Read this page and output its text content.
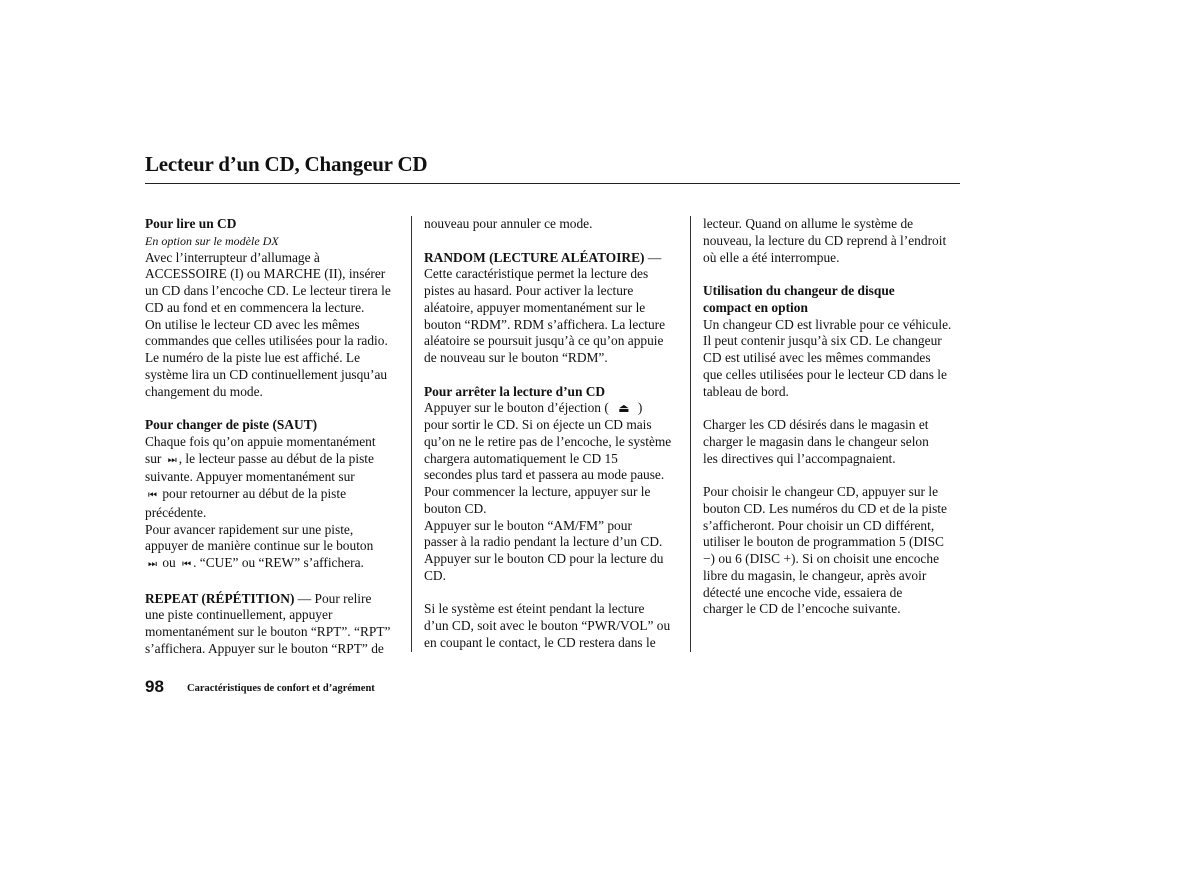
Lecteur d’un CD, Changeur CD

Pour lire un CD

En option sur le modèle DX

Avec l’interrupteur d’allumage à

ACCESSOIRE (I) ou MARCHE (II), insérer

un CD dans l’encoche CD. Le lecteur tirera le

CD au fond et en commencera la lecture.

On utilise le lecteur CD avec les mêmes

commandes que celles utilisées pour la radio.

Le numéro de la piste lue est affiché. Le

système lira un CD continuellement jusqu’au

changement du mode.

Pour changer de piste (SAUT)

Chaque fois qu’on appuie momentanément

sur ⏭ , le lecteur passe au début de la piste

suivante. Appuyer momentanément sur

⏮ pour retourner au début de la piste

précédente.

Pour avancer rapidement sur une piste,

appuyer de manière continue sur le bouton

⏭ ou ⏮ . “CUE” ou “REW” s’affichera.

REPEAT (RÉPÉTITION) — Pour relire

une piste continuellement, appuyer

momentanément sur le bouton “RPT”. “RPT”

s’affichera. Appuyer sur le bouton “RPT” de

nouveau pour annuler ce mode.

RANDOM (LECTURE ALÉATOIRE) —

Cette caractéristique permet la lecture des

pistes au hasard. Pour activer la lecture

aléatoire, appuyer momentanément sur le

bouton “RDM”. RDM s’affichera. La lecture

aléatoire se poursuit jusqu’à ce qu’on appuie

de nouveau sur le bouton “RDM”.

Pour arrêter la lecture d’un CD

Appuyer sur le bouton d’éjection ( ⏏ )

pour sortir le CD. Si on éjecte un CD mais

qu’on ne le retire pas de l’encoche, le système

chargera automatiquement le CD 15

secondes plus tard et passera au mode pause.

Pour commencer la lecture, appuyer sur le

bouton CD.

Appuyer sur le bouton “AM/FM” pour

passer à la radio pendant la lecture d’un CD.

Appuyer sur le bouton CD pour la lecture du

CD.

Si le système est éteint pendant la lecture

d’un CD, soit avec le bouton “PWR/VOL” ou

en coupant le contact, le CD restera dans le

lecteur. Quand on allume le système de

nouveau, la lecture du CD reprend à l’endroit

où elle a été interrompue.

Utilisation du changeur de disque

compact en option

Un changeur CD est livrable pour ce véhicule.

Il peut contenir jusqu’à six CD. Le changeur

CD est utilisé avec les mêmes commandes

que celles utilisées pour le lecteur CD dans le

tableau de bord.

Charger les CD désirés dans le magasin et

charger le magasin dans le changeur selon

les directives qui l’accompagnaient.

Pour choisir le changeur CD, appuyer sur le

bouton CD. Les numéros du CD et de la piste

s’afficheront. Pour choisir un CD différent,

utiliser le bouton de programmation 5 (DISC

−) ou 6 (DISC +). Si on choisit une encoche

libre du magasin, le changeur, après avoir

détecté une encoche vide, essaiera de

charger le CD de l’encoche suivante.

98 Caractéristiques de confort et d’agrément
